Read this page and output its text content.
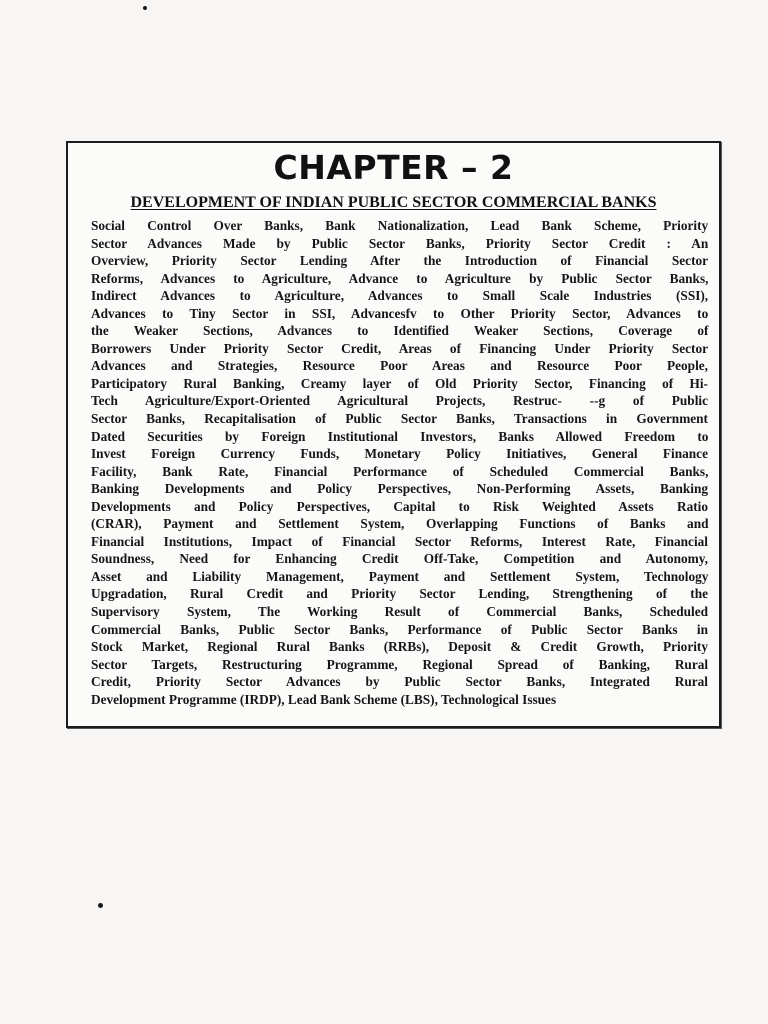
CHAPTER – 2
DEVELOPMENT OF INDIAN PUBLIC SECTOR COMMERCIAL BANKS
Social Control Over Banks, Bank Nationalization, Lead Bank Scheme, Priority
Sector Advances Made by Public Sector Banks, Priority Sector Credit : An
Overview, Priority Sector Lending After the Introduction of Financial Sector
Reforms, Advances to Agriculture, Advance to Agriculture by Public Sector Banks,
Indirect Advances to Agriculture, Advances to Small Scale Industries (SSI),
Advances to Tiny Sector in SSI, Advancesfv to Other Priority Sector, Advances to
the Weaker Sections, Advances to Identified Weaker Sections, Coverage of
Borrowers Under Priority Sector Credit, Areas of Financing Under Priority Sector
Advances and Strategies, Resource Poor Areas and Resource Poor People,
Participatory Rural Banking, Creamy layer of Old Priority Sector, Financing of Hi-
Tech Agriculture/Export-Oriented Agricultural Projects, Restruc‐ ‑‑g of Public
Sector Banks, Recapitalisation of Public Sector Banks, Transactions in Government
Dated Securities by Foreign Institutional Investors, Banks Allowed Freedom to
Invest Foreign Currency Funds, Monetary Policy Initiatives, General Finance
Facility, Bank Rate, Financial Performance of Scheduled Commercial Banks,
Banking Developments and Policy Perspectives, Non-Performing Assets, Banking
Developments and Policy Perspectives, Capital to Risk Weighted Assets Ratio
(CRAR), Payment and Settlement System, Overlapping Functions of Banks and
Financial Institutions, Impact of Financial Sector Reforms, Interest Rate, Financial
Soundness, Need for Enhancing Credit Off-Take, Competition and Autonomy,
Asset and Liability Management, Payment and Settlement System, Technology
Upgradation, Rural Credit and Priority Sector Lending, Strengthening of the
Supervisory System, The Working Result of Commercial Banks, Scheduled
Commercial Banks, Public Sector Banks, Performance of Public Sector Banks in
Stock Market, Regional Rural Banks (RRBs), Deposit & Credit Growth, Priority
Sector Targets, Restructuring Programme, Regional Spread of Banking, Rural
Credit, Priority Sector Advances by Public Sector Banks, Integrated Rural
Development Programme (IRDP), Lead Bank Scheme (LBS), Technological Issues
